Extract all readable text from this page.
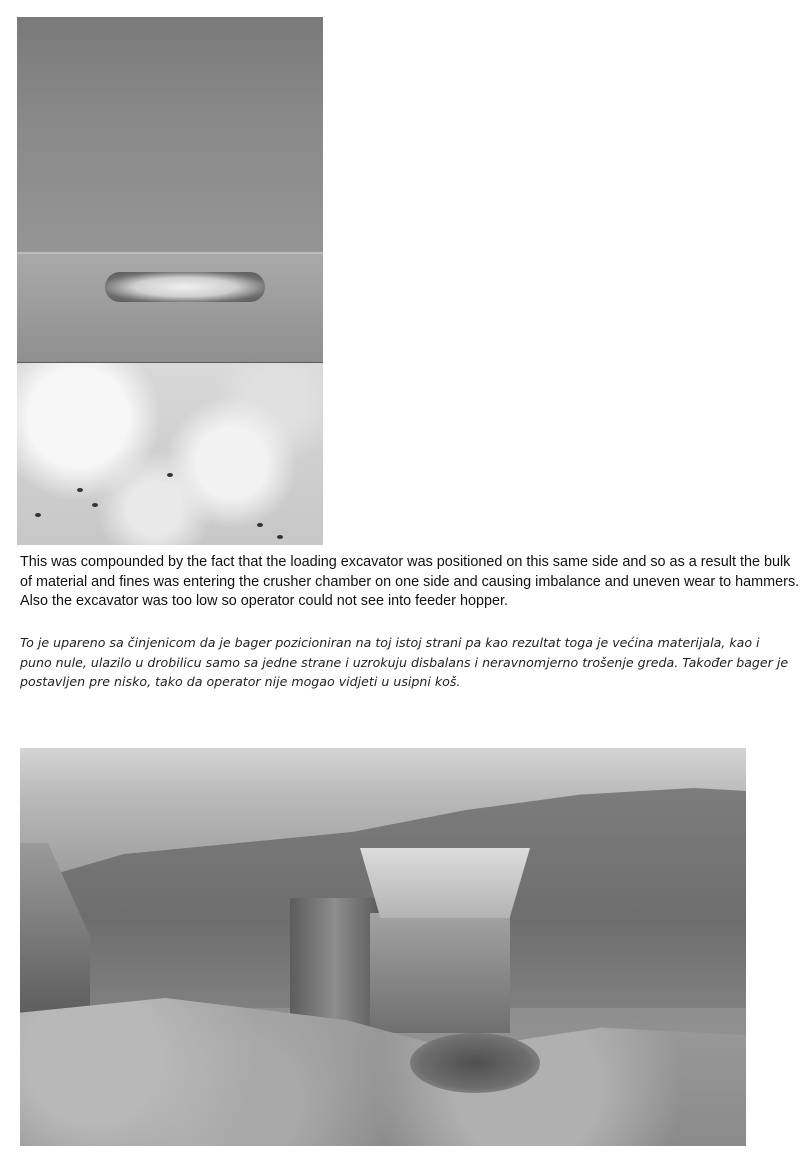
This was compounded by the fact that the loading excavator was positioned on this same side and so as a result the bulk of material and fines was entering the crusher chamber on one side and causing imbalance and uneven wear to hammers. Also the excavator was too low so operator could not see into feeder hopper.

To je upareno sa činjenicom da je bager pozicioniran na toj istoj strani pa kao rezultat toga je većina materijala, kao i puno nule, ulazilo u drobilicu samo sa jedne strane i uzrokuju disbalans i neravnomjerno trošenje greda. Također bager je postavljen pre nisko, tako da operator nije mogao vidjeti u usipni koš.
